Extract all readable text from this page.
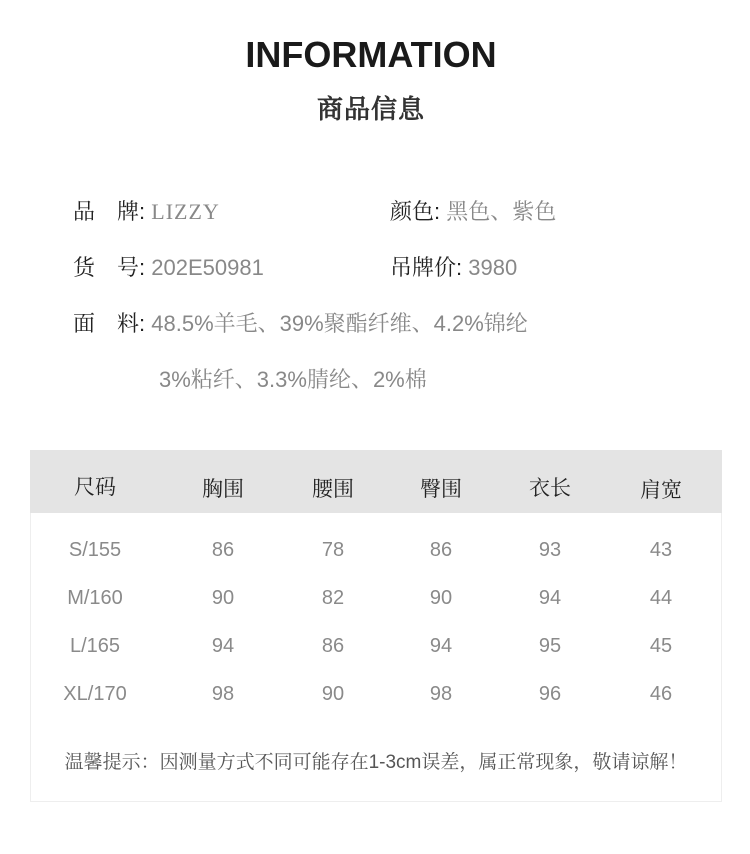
INFORMATION
商品信息
品　牌: LIZZY	颜色: 黑色、紫色
货　号: 202E50981	吊牌价: 3980
面　料: 48.5%羊毛、39%聚酯纤维、4.2%锦纶
3%粘纤、3.3%腈纶、2%棉
尺码	胸围	腰围	臀围	衣长	肩宽
S/155	86	78	86	93	43
M/160	90	82	90	94	44
L/165	94	86	94	95	45
XL/170	98	90	98	96	46
温馨提示：因测量方式不同可能存在1-3cm误差，属正常现象，敬请谅解！
